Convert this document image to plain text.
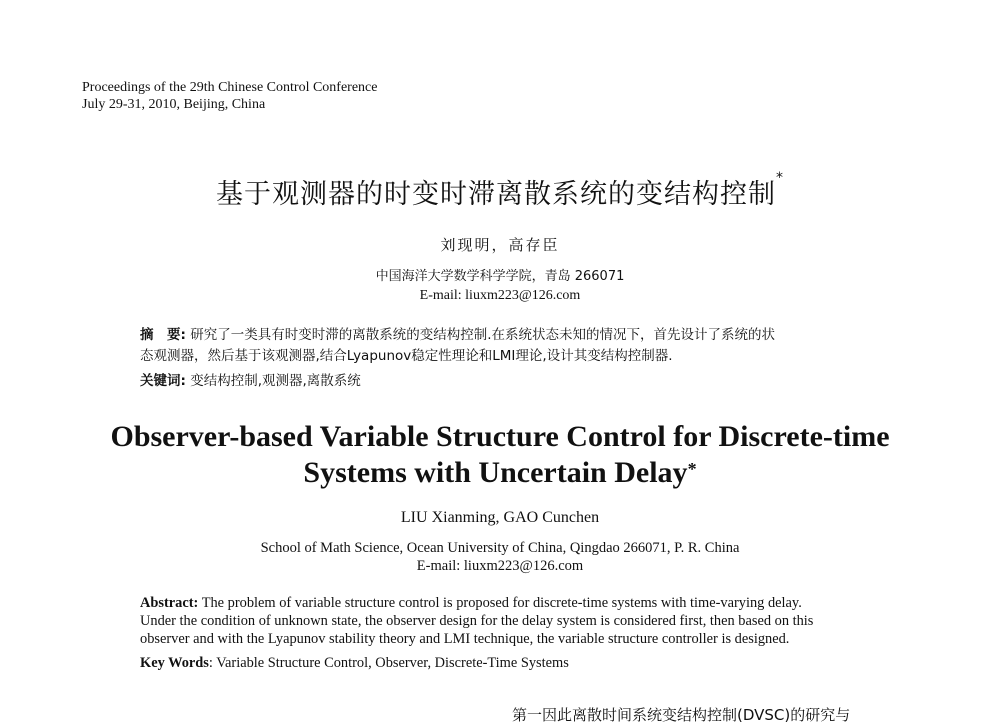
Proceedings of the 29th Chinese Control Conference
July 29-31, 2010, Beijing, China
基于观测器的时变时滞离散系统的变结构控制*
刘现明，高存臣
中国海洋大学数学科学学院，青岛 266071
E-mail: liuxm223@126.com
摘　要: 研究了一类具有时变时滞的离散系统的变结构控制.在系统状态未知的情况下，首先设计了系统的状
态观测器，然后基于该观测器,结合Lyapunov稳定性理论和LMI理论,设计其变结构控制器.
关键词: 变结构控制,观测器,离散系统
Observer-based Variable Structure Control for Discrete-time
Systems with Uncertain Delay*
LIU Xianming, GAO Cunchen
School of Math Science, Ocean University of China, Qingdao 266071, P. R. China
E-mail: liuxm223@126.com
Abstract: The problem of variable structure control is proposed for discrete-time systems with time-varying delay.
Under the condition of unknown state, the observer design for the delay system is considered first, then based on this
observer and with the Lyapunov stability theory and LMI technique, the variable structure controller is designed.
Key Words: Variable Structure Control, Observer, Discrete-Time Systems
第一因此离散时间系统变结构控制(DVSC)的研究与
